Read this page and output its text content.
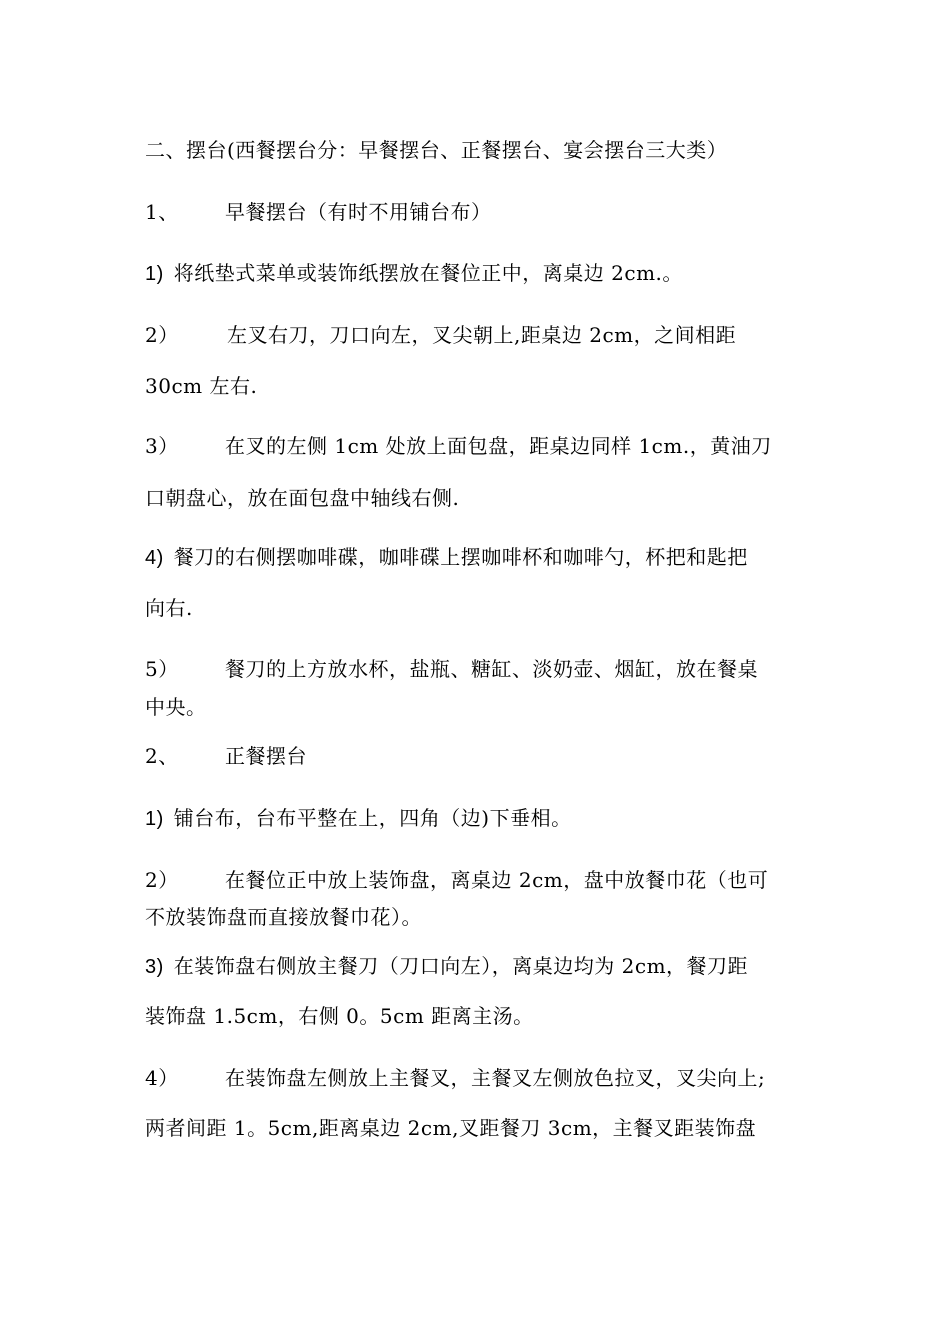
二、摆台(西餐摆台分：早餐摆台、正餐摆台、宴会摆台三大类）
1、 早餐摆台（有时不用铺台布）
1) 将纸垫式菜单或装饰纸摆放在餐位正中，离桌边 2cm.。
2） 左叉右刀，刀口向左，叉尖朝上,距桌边 2cm，之间相距
30cm 左右.
3） 在叉的左侧 1cm 处放上面包盘，距桌边同样 1cm.，黄油刀
口朝盘心，放在面包盘中轴线右侧.
4) 餐刀的右侧摆咖啡碟，咖啡碟上摆咖啡杯和咖啡勺，杯把和匙把
向右.
5） 餐刀的上方放水杯，盐瓶、糖缸、淡奶壶、烟缸，放在餐桌
中央。
2、 正餐摆台
1) 铺台布，台布平整在上，四角（边)下垂相。
2） 在餐位正中放上装饰盘，离桌边 2cm，盘中放餐巾花（也可
不放装饰盘而直接放餐巾花）。
3) 在装饰盘右侧放主餐刀（刀口向左），离桌边均为 2cm，餐刀距
装饰盘 1.5cm，右侧 0。5cm 距离主汤。
4） 在装饰盘左侧放上主餐叉，主餐叉左侧放色拉叉，叉尖向上;
两者间距 1。5cm,距离桌边 2cm,叉距餐刀 3cm，主餐叉距装饰盘
